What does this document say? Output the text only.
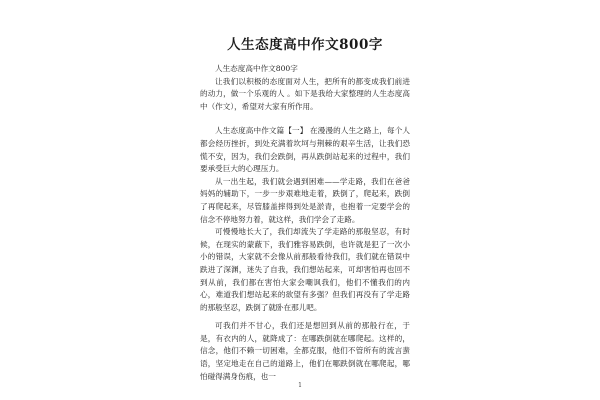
人生态度高中作文800字

人生态度高中作文800字

让我们以积极的态度面对人生，把所有的都变成我们前进的动力，做一个乐观的人 。如下是我给大家整理的人生态度高中（作文），希望对大家有所作用。

人生态度高中作文篇【一】 在漫漫的人生之路上，每个人都会经历挫折，到处充满着坎坷与荆棘的艰辛生活，让我们恐慌不安，因为，我们会跌倒，再从跌倒站起来的过程中，我们要承受巨大的心理压力。

从一出生起，我们就会遇到困难——学走路，我们在爸爸妈妈的辅助下，一步一步艰难地走着，跌倒了，爬起来，跌倒了再爬起来，尽管膝盖摔得到处是淤青，也抱着一定要学会的信念不停地努力着，就这样，我们学会了走路。

可慢慢地长大了，我们却流失了学走路的那般坚忍，有时候，在现实的蒙蔽下，我们雅容易跌倒，也许就是犯了一次小小的错误，大家就不会像从前那般看待我们，我们就在错误中跌进了深渊，迷失了自我，我们想站起来，可却害怕再也回不到从前，我们都在害怕大家会嘲讽我们，他们不懂我们的内心，难道我们想站起来的欲望有多强？但我们再没有了学走路的那般坚忍，跌倒了就卧在那儿吧。

可我们并不甘心，我们还是想回到从前的那般行在，于是，有衣内的人，就降成了：在哪跌倒就在哪爬起。这样的，信念，他们不赖一切困难，全都克服，他们不管所有的流言蜚语，坚定地走在自己的道路上，他们在哪跌倒就在哪爬起，哪怕碰得满身伤痕，也一

1
